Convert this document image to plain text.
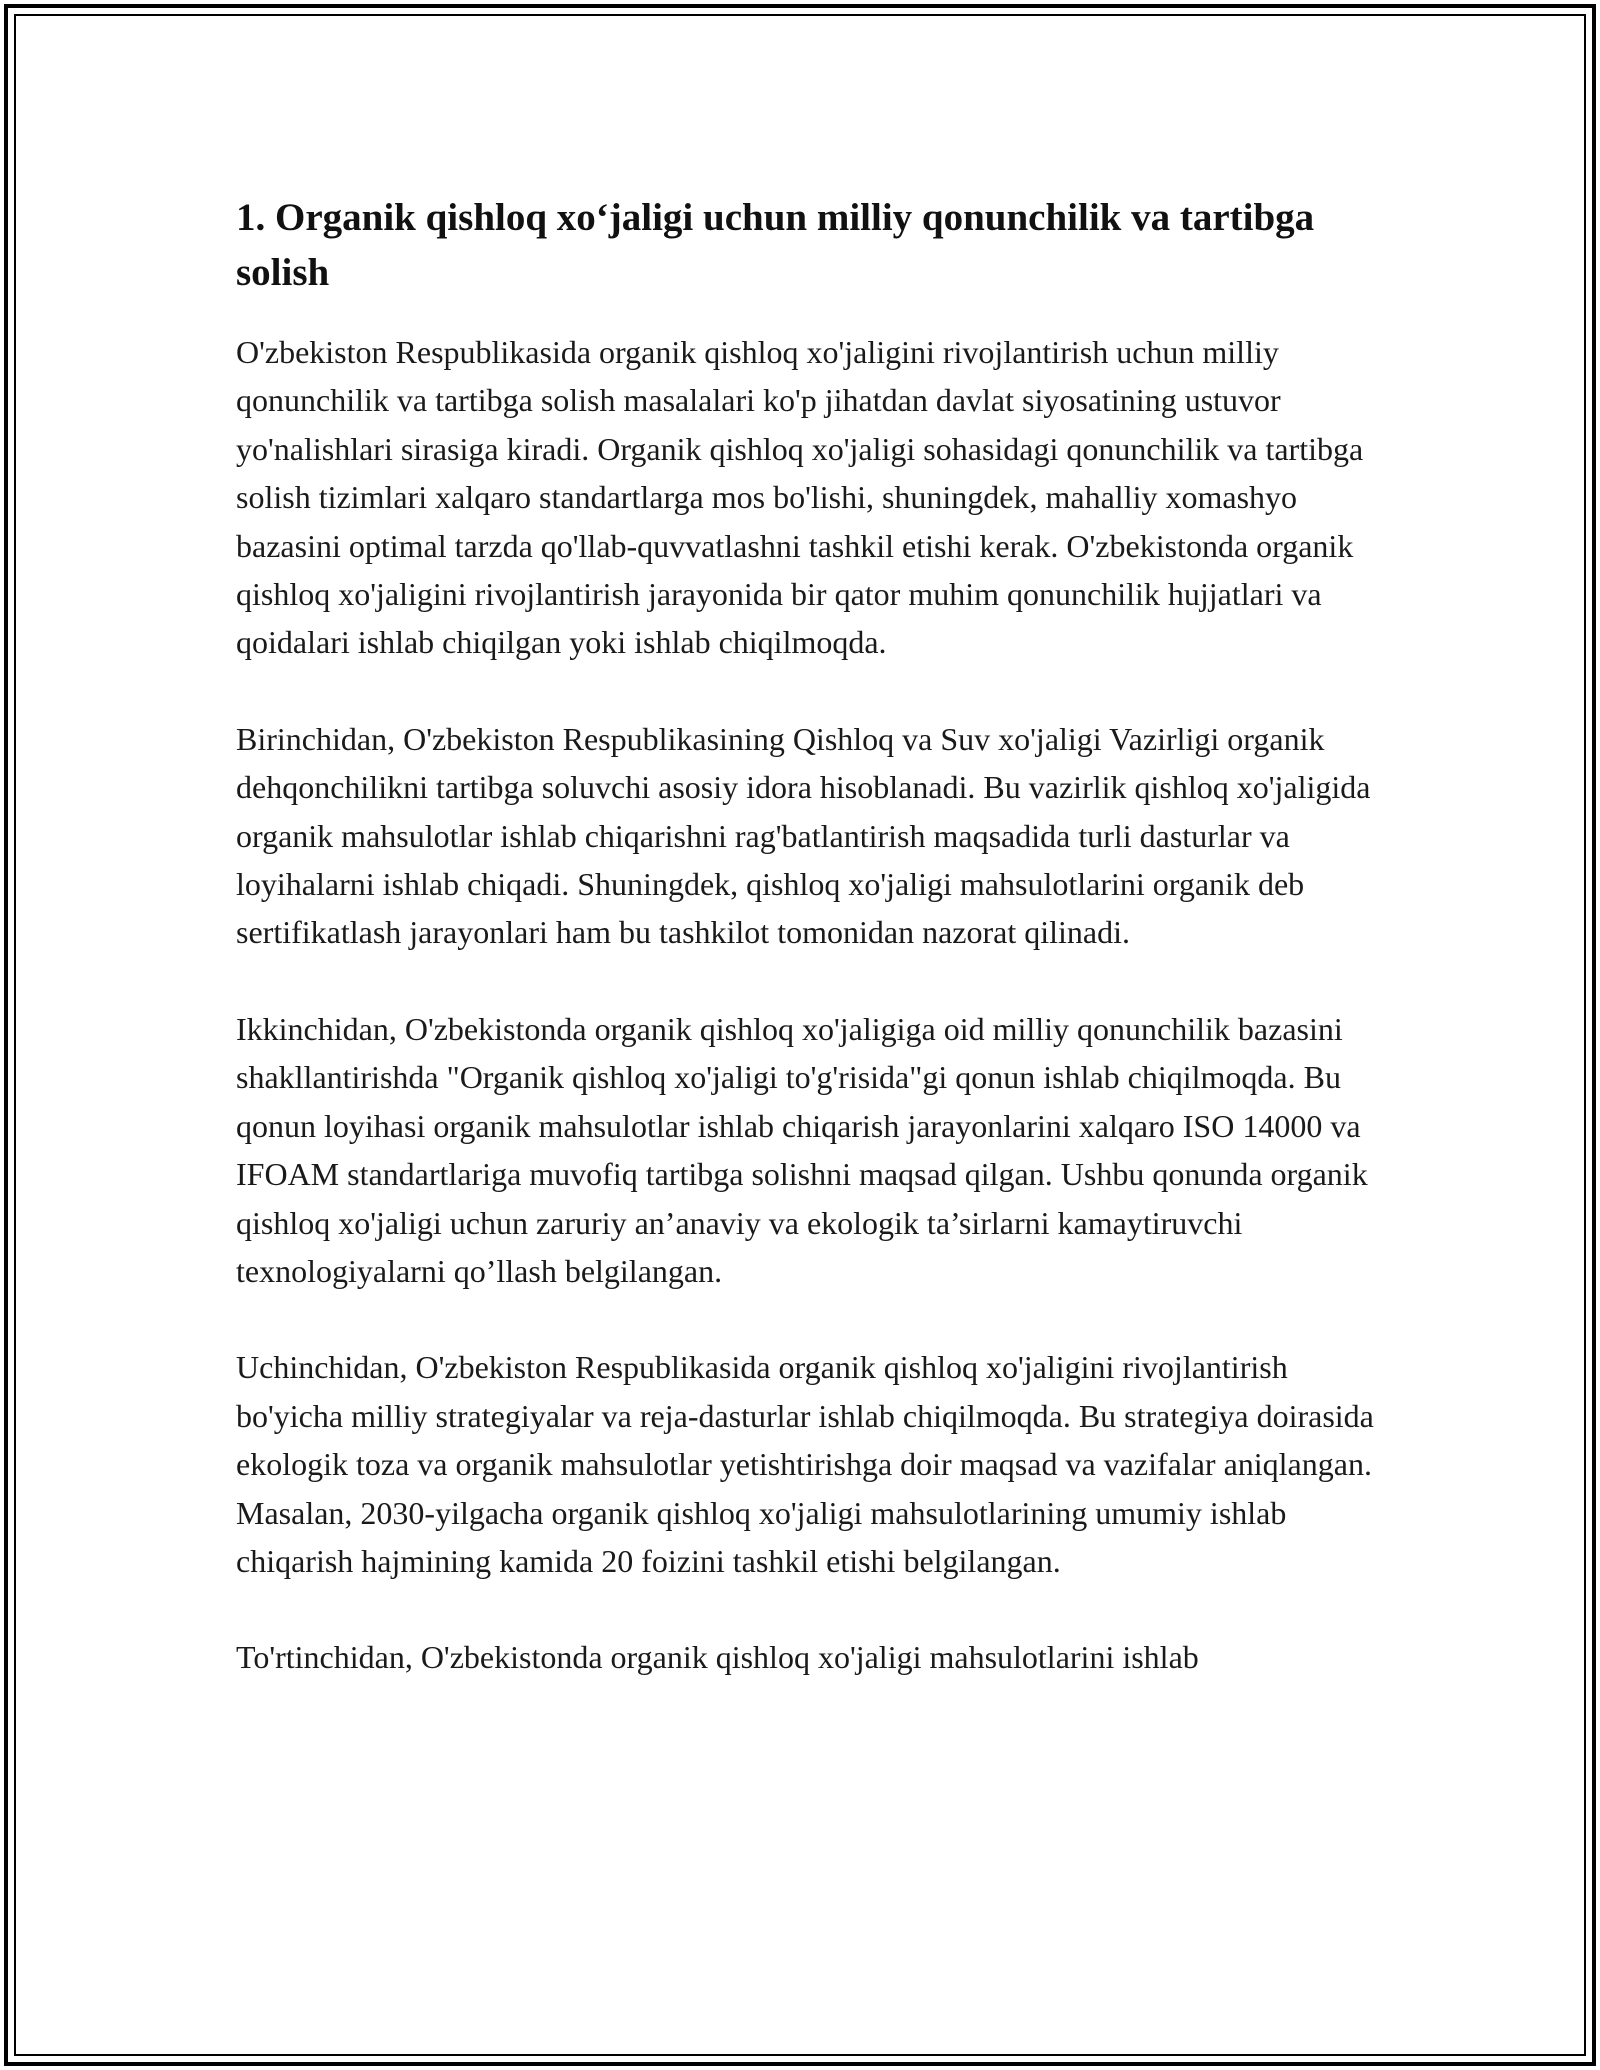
1. Organik qishloq xo‘jaligi uchun milliy qonunchilik va tartibga solish

O'zbekiston Respublikasida organik qishloq xo'jaligini rivojlantirish uchun milliy qonunchilik va tartibga solish masalalari ko'p jihatdan davlat siyosatining ustuvor yo'nalishlari sirasiga kiradi. Organik qishloq xo'jaligi sohasidagi qonunchilik va tartibga solish tizimlari xalqaro standartlarga mos bo'lishi, shuningdek, mahalliy xomashyo bazasini optimal tarzda qo'llab-quvvatlashni tashkil etishi kerak. O'zbekistonda organik qishloq xo'jaligini rivojlantirish jarayonida bir qator muhim qonunchilik hujjatlari va qoidalari ishlab chiqilgan yoki ishlab chiqilmoqda.

Birinchidan, O'zbekiston Respublikasining Qishloq va Suv xo'jaligi Vazirligi organik dehqonchilikni tartibga soluvchi asosiy idora hisoblanadi. Bu vazirlik qishloq xo'jaligida organik mahsulotlar ishlab chiqarishni rag'batlantirish maqsadida turli dasturlar va loyihalarni ishlab chiqadi. Shuningdek, qishloq xo'jaligi mahsulotlarini organik deb sertifikatlash jarayonlari ham bu tashkilot tomonidan nazorat qilinadi.

Ikkinchidan, O'zbekistonda organik qishloq xo'jaligiga oid milliy qonunchilik bazasini shakllantirishda "Organik qishloq xo'jaligi to'g'risida"gi qonun ishlab chiqilmoqda. Bu qonun loyihasi organik mahsulotlar ishlab chiqarish jarayonlarini xalqaro ISO 14000 va IFOAM standartlariga muvofiq tartibga solishni maqsad qilgan. Ushbu qonunda organik qishloq xo'jaligi uchun zaruriy an’anaviy va ekologik ta’sirlarni kamaytiruvchi texnologiyalarni qo’llash belgilangan.

Uchinchidan, O'zbekiston Respublikasida organik qishloq xo'jaligini rivojlantirish bo'yicha milliy strategiyalar va reja-dasturlar ishlab chiqilmoqda. Bu strategiya doirasida ekologik toza va organik mahsulotlar yetishtirishga doir maqsad va vazifalar aniqlangan. Masalan, 2030-yilgacha organik qishloq xo'jaligi mahsulotlarining umumiy ishlab chiqarish hajmining kamida 20 foizini tashkil etishi belgilangan.

To'rtinchidan, O'zbekistonda organik qishloq xo'jaligi mahsulotlarini ishlab
